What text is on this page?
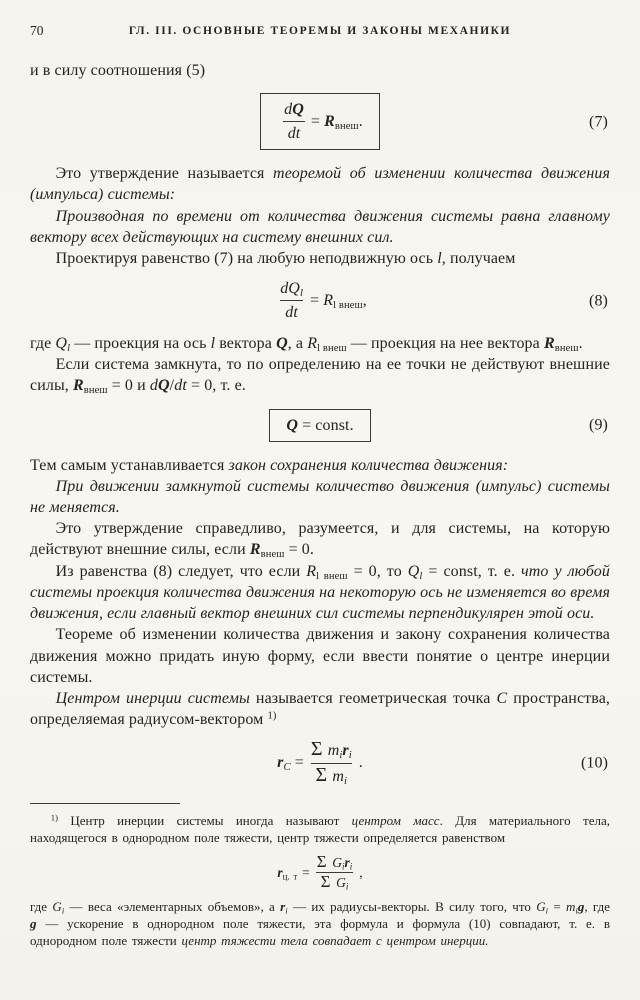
70	ГЛ. III. ОСНОВНЫЕ ТЕОРЕМЫ И ЗАКОНЫ МЕХАНИКИ

и в силу соотношения (5)

$\frac{dQ}{dt} = R_{внеш}$.	(7)

Это утверждение называется теоремой об изменении количества движения (импульса) системы:

Производная по времени от количества движения системы равна главному вектору всех действующих на систему внешних сил.

Проектируя равенство (7) на любую неподвижную ось l, получаем

$\frac{dQ_l}{dt} = R_{l внеш}$,	(8)

где $Q_l$ — проекция на ось l вектора Q, а $R_{l внеш}$ — проекция на нее вектора $R_{внеш}$.

Если система замкнута, то по определению на ее точки не действуют внешние силы, $R_{внеш} = 0$ и dQ/dt = 0, т. е.

Q = const.	(9)

Тем самым устанавливается закон сохранения количества движения:

При движении замкнутой системы количество движения (импульс) системы не меняется.

Это утверждение справедливо, разумеется, и для системы, на которую действуют внешние силы, если $R_{внеш} = 0$.

Из равенства (8) следует, что если $R_{l внеш} = 0$, то $Q_l$ = const, т. е. что у любой системы проекция количества движения на некоторую ось не изменяется во время движения, если главный вектор внешних сил системы перпендикулярен этой оси.

Теореме об изменении количества движения и закону сохранения количества движения можно придать иную форму, если ввести понятие о центре инерции системы.

Центром инерции системы называется геометрическая точка C пространства, определяемая радиусом-вектором $^{1)}$

$r_C = \frac{\Sigma m_ir_i}{\Sigma m_i}$ .	(10)

$^{1)}$ Центр инерции системы иногда называют центром масс. Для материального тела, находящегося в однородном поле тяжести, центр тяжести определяется равенством

$r_{ц. т} = \frac{\Sigma G_ir_i}{\Sigma G_i}$ ,

где $G_i$ — веса «элементарных объемов», а $r_i$ — их радиусы-векторы. В силу того, что $G_i = m_ig$, где g — ускорение в однородном поле тяжести, эта формула и формула (10) совпадают, т. е. в однородном поле тяжести центр тяжести тела совпадает с центром инерции.
